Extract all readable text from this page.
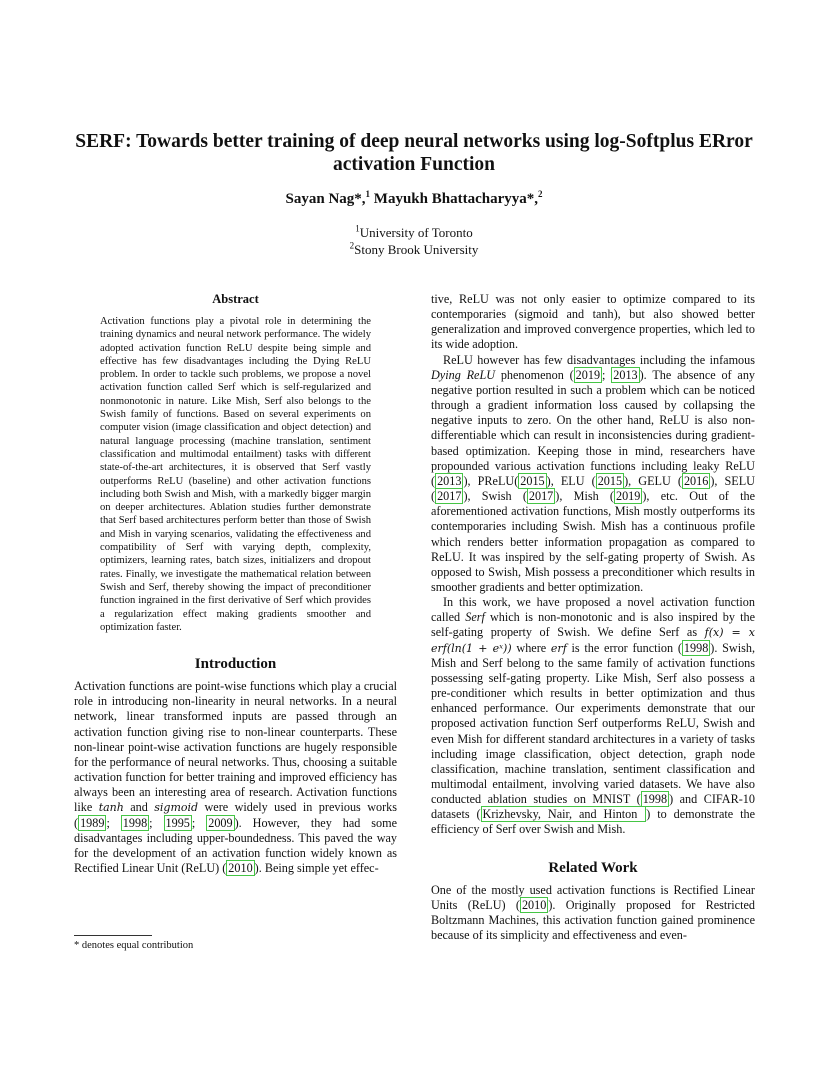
SERF: Towards better training of deep neural networks using log-Softplus ERror
activation Function
Sayan Nag*,$^1$ Mayukh Bhattacharyya*,$^2$
$^1$University of Toronto
$^2$Stony Brook University
Abstract
Activation functions play a pivotal role in determining the training dynamics and neural network performance. The widely adopted activation function ReLU despite being simple and effective has few disadvantages including the Dying ReLU problem. In order to tackle such problems, we propose a novel activation function called Serf which is self-regularized and nonmonotonic in nature. Like Mish, Serf also belongs to the Swish family of functions. Based on several experiments on computer vision (image classification and object detection) and natural language processing (machine translation, sentiment classification and multimodal entailment) tasks with different state-of-the-art architectures, it is observed that Serf vastly outperforms ReLU (baseline) and other activation functions including both Swish and Mish, with a markedly bigger margin on deeper architectures. Ablation studies further demonstrate that Serf based architectures perform better than those of Swish and Mish in varying scenarios, validating the effectiveness and compatibility of Serf with varying depth, complexity, optimizers, learning rates, batch sizes, initializers and dropout rates. Finally, we investigate the mathematical relation between Swish and Serf, thereby showing the impact of preconditioner function ingrained in the first derivative of Serf which provides a regularization effect making gradients smoother and optimization faster.
Introduction

Activation functions are point-wise functions which play a crucial role in introducing non-linearity in neural networks. In a neural network, linear transformed inputs are passed through an activation function giving rise to non-linear counterparts. These non-linear point-wise activation functions are hugely responsible for the performance of neural networks. Thus, choosing a suitable activation function for better training and improved efficiency has always been an interesting area of research. Activation functions like tanh and sigmoid were widely used in previous works ( 1989 ; 1998 ; 1995 ; 2009 ). However, they had some disadvantages including upper-boundedness. This paved the way for the development of an activation function widely known as Rectified Linear Unit (ReLU) ( 2010 ). Being simple yet effec-

tive, ReLU was not only easier to optimize compared to its contemporaries (sigmoid and tanh), but also showed better generalization and improved convergence properties, which led to its wide adoption.

ReLU however has few disadvantages including the infamous Dying ReLU phenomenon ( 2019 ; 2013 ). The absence of any negative portion resulted in such a problem which can be noticed through a gradient information loss caused by collapsing the negative inputs to zero. On the other hand, ReLU is also non-differentiable which can result in inconsistencies during gradient-based optimization. Keeping those in mind, researchers have propounded various activation functions including leaky ReLU ( 2013 ), PReLU( 2015 ), ELU ( 2015 ), GELU ( 2016 ), SELU ( 2017 ), Swish ( 2017 ), Mish ( 2019 ), etc. Out of the aforementioned activation functions, Mish mostly outperforms its contemporaries including Swish. Mish has a continuous profile which renders better information propagation as compared to ReLU. It was inspired by the self-gating property of Swish. As opposed to Swish, Mish possess a preconditioner which results in smoother gradients and better optimization.

In this work, we have proposed a novel activation function called Serf which is non-monotonic and is also inspired by the self-gating property of Swish. We define Serf as f(x) = x erf(ln(1 + eˣ)) where erf is the error function ( 1998 ). Swish, Mish and Serf belong to the same family of activation functions possessing self-gating property. Like Mish, Serf also possess a pre-conditioner which results in better optimization and thus enhanced performance. Our experiments demonstrate that our proposed activation function Serf outperforms ReLU, Swish and even Mish for different standard architectures in a variety of tasks including image classification, object detection, graph node classification, machine translation, sentiment classification and multimodal entailment, involving varied datasets. We have also conducted ablation studies on MNIST ( 1998 ) and CIFAR-10 datasets ( Krizhevsky, Nair, and Hinton ) to demonstrate the efficiency of Serf over Swish and Mish.

Related Work

One of the mostly used activation functions is Rectified Linear Units (ReLU) ( 2010 ). Originally proposed for Restricted Boltzmann Machines, this activation function gained prominence because of its simplicity and effectiveness and even-

* denotes equal contribution
